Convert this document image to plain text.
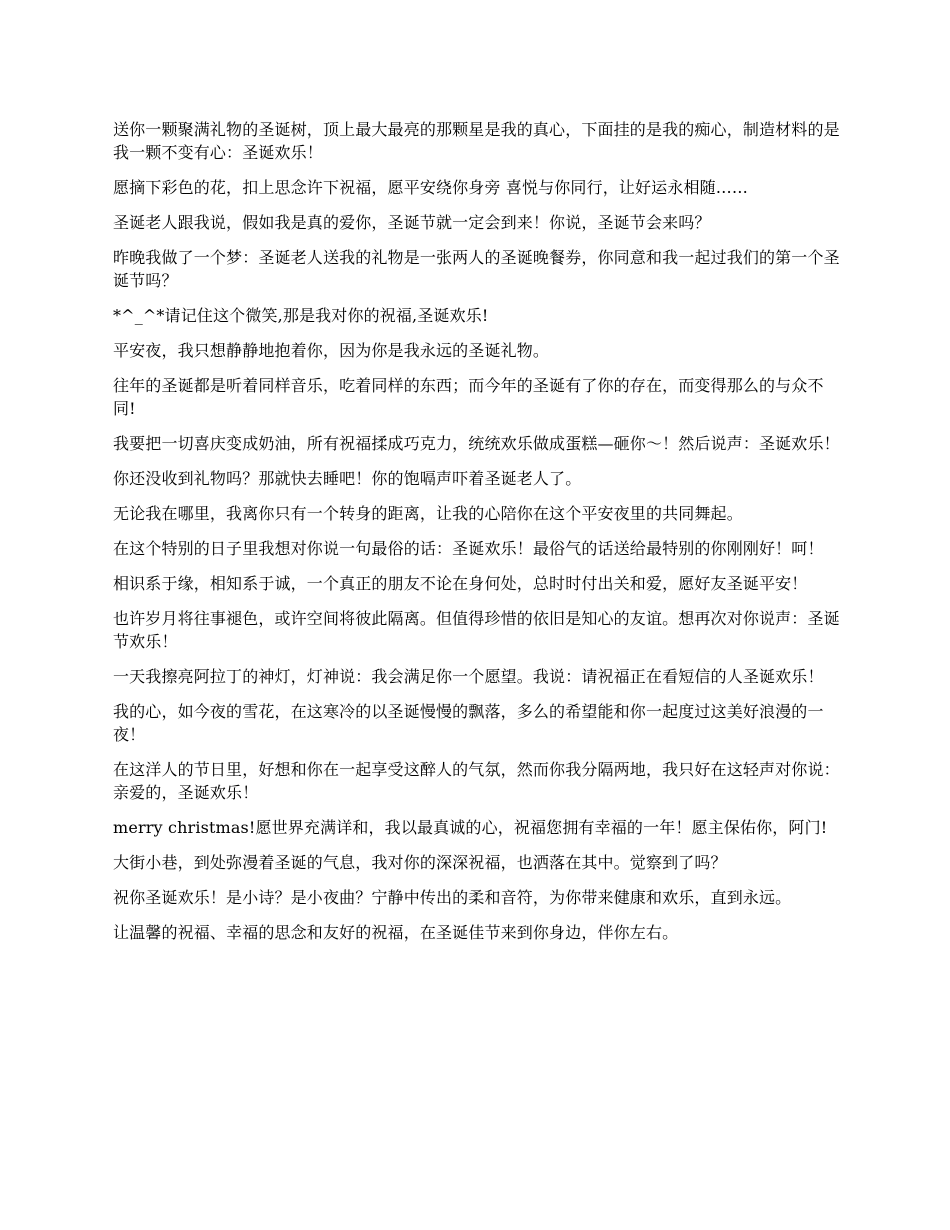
送你一颗聚满礼物的圣诞树，顶上最大最亮的那颗星是我的真心，下面挂的是我的痴心，制造材料的是我一颗不变有心：圣诞欢乐！

愿摘下彩色的花，扣上思念许下祝福，愿平安绕你身旁 喜悦与你同行，让好运永相随……

圣诞老人跟我说，假如我是真的爱你，圣诞节就一定会到来！你说，圣诞节会来吗？

昨晚我做了一个梦：圣诞老人送我的礼物是一张两人的圣诞晚餐券，你同意和我一起过我们的第一个圣诞节吗？

*^_^*请记住这个微笑,那是我对你的祝福,圣诞欢乐!

平安夜，我只想静静地抱着你，因为你是我永远的圣诞礼物。

往年的圣诞都是听着同样音乐，吃着同样的东西；而今年的圣诞有了你的存在，而变得那么的与众不同!

我要把一切喜庆变成奶油，所有祝福揉成巧克力，统统欢乐做成蛋糕—砸你～！然后说声：圣诞欢乐！

你还没收到礼物吗？那就快去睡吧！你的饱嗝声吓着圣诞老人了。

无论我在哪里，我离你只有一个转身的距离，让我的心陪你在这个平安夜里的共同舞起。

在这个特别的日子里我想对你说一句最俗的话：圣诞欢乐！最俗气的话送给最特别的你刚刚好！呵！

相识系于缘，相知系于诚，一个真正的朋友不论在身何处，总时时付出关和爱，愿好友圣诞平安！

也许岁月将往事褪色，或许空间将彼此隔离。但值得珍惜的依旧是知心的友谊。想再次对你说声：圣诞节欢乐！

一天我擦亮阿拉丁的神灯，灯神说：我会满足你一个愿望。我说：请祝福正在看短信的人圣诞欢乐！

我的心，如今夜的雪花，在这寒冷的以圣诞慢慢的飘落，多么的希望能和你一起度过这美好浪漫的一夜！

在这洋人的节日里，好想和你在一起享受这醉人的气氛，然而你我分隔两地，我只好在这轻声对你说：亲爱的，圣诞欢乐！

merry christmas!愿世界充满详和，我以最真诚的心，祝福您拥有幸福的一年！愿主保佑你，阿门!

大街小巷，到处弥漫着圣诞的气息，我对你的深深祝福，也洒落在其中。觉察到了吗？

祝你圣诞欢乐！是小诗？是小夜曲？宁静中传出的柔和音符，为你带来健康和欢乐，直到永远。

让温馨的祝福、幸福的思念和友好的祝福，在圣诞佳节来到你身边，伴你左右。
